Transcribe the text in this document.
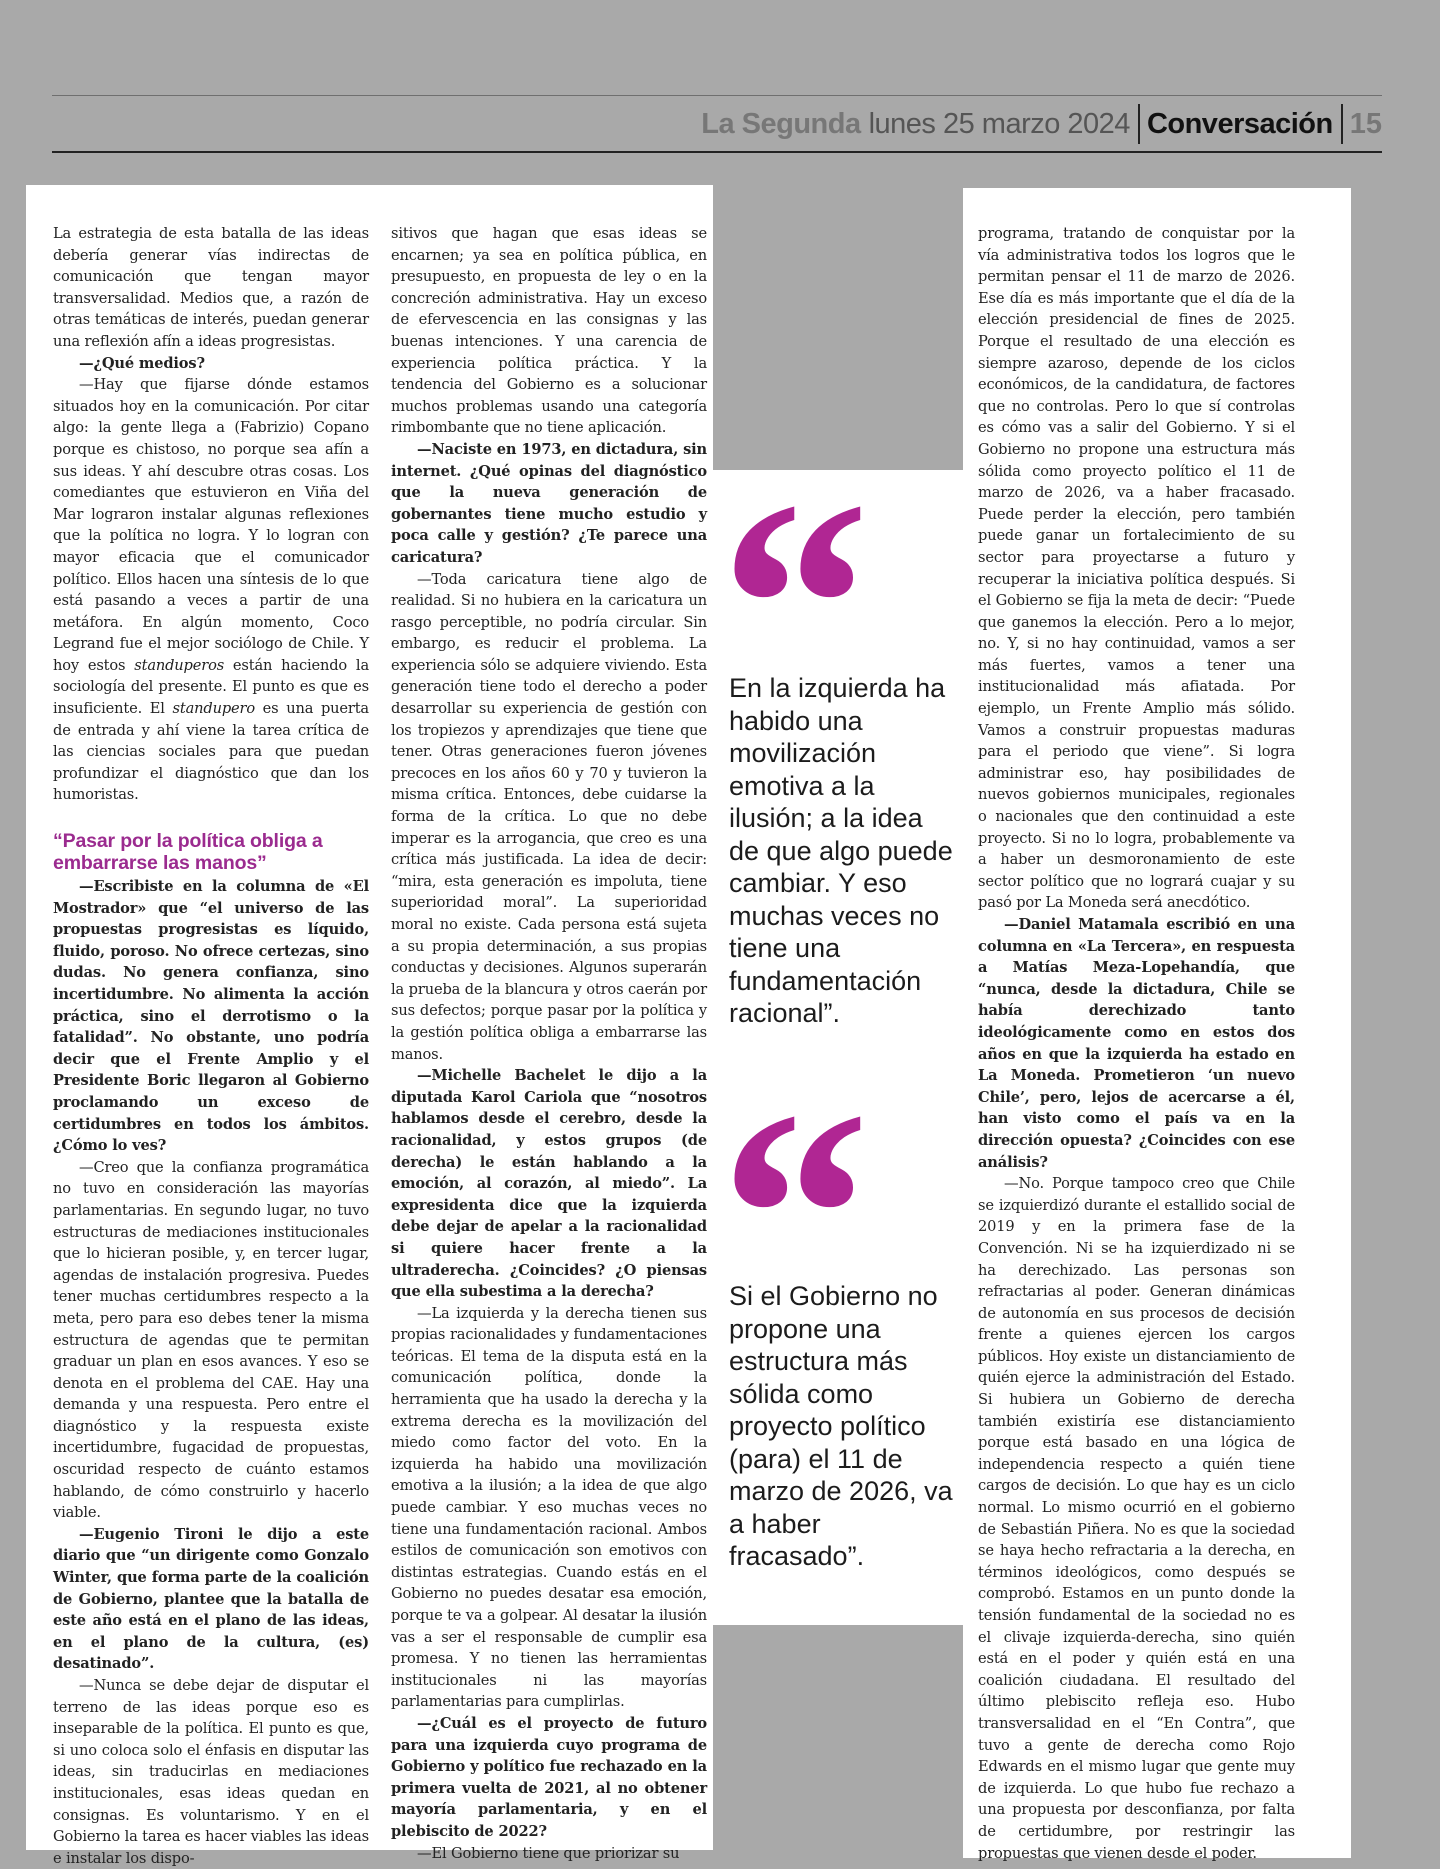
La Segunda lunes 25 marzo 2024 Conversación 15

La estrategia de esta batalla de las ideas debería generar vías indirectas de comunicación que tengan mayor transversalidad. Medios que, a razón de otras temáticas de interés, puedan generar una reflexión afín a ideas progresistas.

—¿Qué medios?

—Hay que fijarse dónde estamos situados hoy en la comunicación. Por citar algo: la gente llega a (Fabrizio) Copano porque es chistoso, no porque sea afín a sus ideas. Y ahí descubre otras cosas. Los comediantes que estuvieron en Viña del Mar lograron instalar algunas reflexiones que la política no logra. Y lo logran con mayor eficacia que el comunicador político. Ellos hacen una síntesis de lo que está pasando a veces a partir de una metáfora. En algún momento, Coco Legrand fue el mejor sociólogo de Chile. Y hoy estos standuperos están haciendo la sociología del presente. El punto es que es insuficiente. El standupero es una puerta de entrada y ahí viene la tarea crítica de las ciencias sociales para que puedan profundizar el diagnóstico que dan los humoristas.

“Pasar por la política obliga a embarrarse las manos”

—Escribiste en la columna de «El Mostrador» que “el universo de las propuestas progresistas es líquido, fluido, poroso. No ofrece certezas, sino dudas. No genera confianza, sino incertidumbre. No alimenta la acción práctica, sino el derrotismo o la fatalidad”. No obstante, uno podría decir que el Frente Amplio y el Presidente Boric llegaron al Gobierno proclamando un exceso de certidumbres en todos los ámbitos. ¿Cómo lo ves?

—Creo que la confianza programática no tuvo en consideración las mayorías parlamentarias. En segundo lugar, no tuvo estructuras de mediaciones institucionales que lo hicieran posible, y, en tercer lugar, agendas de instalación progresiva. Puedes tener muchas certidumbres respecto a la meta, pero para eso debes tener la misma estructura de agendas que te permitan graduar un plan en esos avances. Y eso se denota en el problema del CAE. Hay una demanda y una respuesta. Pero entre el diagnóstico y la respuesta existe incertidumbre, fugacidad de propuestas, oscuridad respecto de cuánto estamos hablando, de cómo construirlo y hacerlo viable.

—Eugenio Tironi le dijo a este diario que “un dirigente como Gonzalo Winter, que forma parte de la coalición de Gobierno, plantee que la batalla de este año está en el plano de las ideas, en el plano de la cultura, (es) desatinado”.

—Nunca se debe dejar de disputar el terreno de las ideas porque eso es inseparable de la política. El punto es que, si uno coloca solo el énfasis en disputar las ideas, sin traducirlas en mediaciones institucionales, esas ideas quedan en consignas. Es voluntarismo. Y en el Gobierno la tarea es hacer viables las ideas e instalar los dispo-

sitivos que hagan que esas ideas se encarnen; ya sea en política pública, en presupuesto, en propuesta de ley o en la concreción administrativa. Hay un exceso de efervescencia en las consignas y las buenas intenciones. Y una carencia de experiencia política práctica. Y la tendencia del Gobierno es a solucionar muchos problemas usando una categoría rimbombante que no tiene aplicación.

—Naciste en 1973, en dictadura, sin internet. ¿Qué opinas del diagnóstico que la nueva generación de gobernantes tiene mucho estudio y poca calle y gestión? ¿Te parece una caricatura?

—Toda caricatura tiene algo de realidad. Si no hubiera en la caricatura un rasgo perceptible, no podría circular. Sin embargo, es reducir el problema. La experiencia sólo se adquiere viviendo. Esta generación tiene todo el derecho a poder desarrollar su experiencia de gestión con los tropiezos y aprendizajes que tiene que tener. Otras generaciones fueron jóvenes precoces en los años 60 y 70 y tuvieron la misma crítica. Entonces, debe cuidarse la forma de la crítica. Lo que no debe imperar es la arrogancia, que creo es una crítica más justificada. La idea de decir: “mira, esta generación es impoluta, tiene superioridad moral”. La superioridad moral no existe. Cada persona está sujeta a su propia determinación, a sus propias conductas y decisiones. Algunos superarán la prueba de la blancura y otros caerán por sus defectos; porque pasar por la política y la gestión política obliga a embarrarse las manos.

—Michelle Bachelet le dijo a la diputada Karol Cariola que “nosotros hablamos desde el cerebro, desde la racionalidad, y estos grupos (de derecha) le están hablando a la emoción, al corazón, al miedo”. La expresidenta dice que la izquierda debe dejar de apelar a la racionalidad si quiere hacer frente a la ultraderecha. ¿Coincides? ¿O piensas que ella subestima a la derecha?

—La izquierda y la derecha tienen sus propias racionalidades y fundamentaciones teóricas. El tema de la disputa está en la comunicación política, donde la herramienta que ha usado la derecha y la extrema derecha es la movilización del miedo como factor del voto. En la izquierda ha habido una movilización emotiva a la ilusión; a la idea de que algo puede cambiar. Y eso muchas veces no tiene una fundamentación racional. Ambos estilos de comunicación son emotivos con distintas estrategias. Cuando estás en el Gobierno no puedes desatar esa emoción, porque te va a golpear. Al desatar la ilusión vas a ser el responsable de cumplir esa promesa. Y no tienen las herramientas institucionales ni las mayorías parlamentarias para cumplirlas.

—¿Cuál es el proyecto de futuro para una izquierda cuyo programa de Gobierno y político fue rechazado en la primera vuelta de 2021, al no obtener mayoría parlamentaria, y en el plebiscito de 2022?

—El Gobierno tiene que priorizar su

En la izquierda ha habido una movilización emotiva a la ilusión; a la idea de que algo puede cambiar. Y eso muchas veces no tiene una fundamentación racional”.
Si el Gobierno no propone una estructura más sólida como proyecto político (para) el 11 de marzo de 2026, va a haber fracasado”.

programa, tratando de conquistar por la vía administrativa todos los logros que le permitan pensar el 11 de marzo de 2026. Ese día es más importante que el día de la elección presidencial de fines de 2025. Porque el resultado de una elección es siempre azaroso, depende de los ciclos económicos, de la candidatura, de factores que no controlas. Pero lo que sí controlas es cómo vas a salir del Gobierno. Y si el Gobierno no propone una estructura más sólida como proyecto político el 11 de marzo de 2026, va a haber fracasado. Puede perder la elección, pero también puede ganar un fortalecimiento de su sector para proyectarse a futuro y recuperar la iniciativa política después. Si el Gobierno se fija la meta de decir: “Puede que ganemos la elección. Pero a lo mejor, no. Y, si no hay continuidad, vamos a ser más fuertes, vamos a tener una institucionalidad más afiatada. Por ejemplo, un Frente Amplio más sólido. Vamos a construir propuestas maduras para el periodo que viene”. Si logra administrar eso, hay posibilidades de nuevos gobiernos municipales, regionales o nacionales que den continuidad a este proyecto. Si no lo logra, probablemente va a haber un desmoronamiento de este sector político que no logrará cuajar y su pasó por La Moneda será anecdótico.

—Daniel Matamala escribió en una columna en «La Tercera», en respuesta a Matías Meza-Lopehandía, que “nunca, desde la dictadura, Chile se había derechizado tanto ideológicamente como en estos dos años en que la izquierda ha estado en La Moneda. Prometieron ‘un nuevo Chile’, pero, lejos de acercarse a él, han visto como el país va en la dirección opuesta? ¿Coincides con ese análisis?

—No. Porque tampoco creo que Chile se izquierdizó durante el estallido social de 2019 y en la primera fase de la Convención. Ni se ha izquierdizado ni se ha derechizado. Las personas son refractarias al poder. Generan dinámicas de autonomía en sus procesos de decisión frente a quienes ejercen los cargos públicos. Hoy existe un distanciamiento de quién ejerce la administración del Estado. Si hubiera un Gobierno de derecha también existiría ese distanciamiento porque está basado en una lógica de independencia respecto a quién tiene cargos de decisión. Lo que hay es un ciclo normal. Lo mismo ocurrió en el gobierno de Sebastián Piñera. No es que la sociedad se haya hecho refractaria a la derecha, en términos ideológicos, como después se comprobó. Estamos en un punto donde la tensión fundamental de la sociedad no es el clivaje izquierda-derecha, sino quién está en el poder y quién está en una coalición ciudadana. El resultado del último plebiscito refleja eso. Hubo transversalidad en el “En Contra”, que tuvo a gente de derecha como Rojo Edwards en el mismo lugar que gente muy de izquierda. Lo que hubo fue rechazo a una propuesta por desconfianza, por falta de certidumbre, por restringir las propuestas que vienen desde el poder.
